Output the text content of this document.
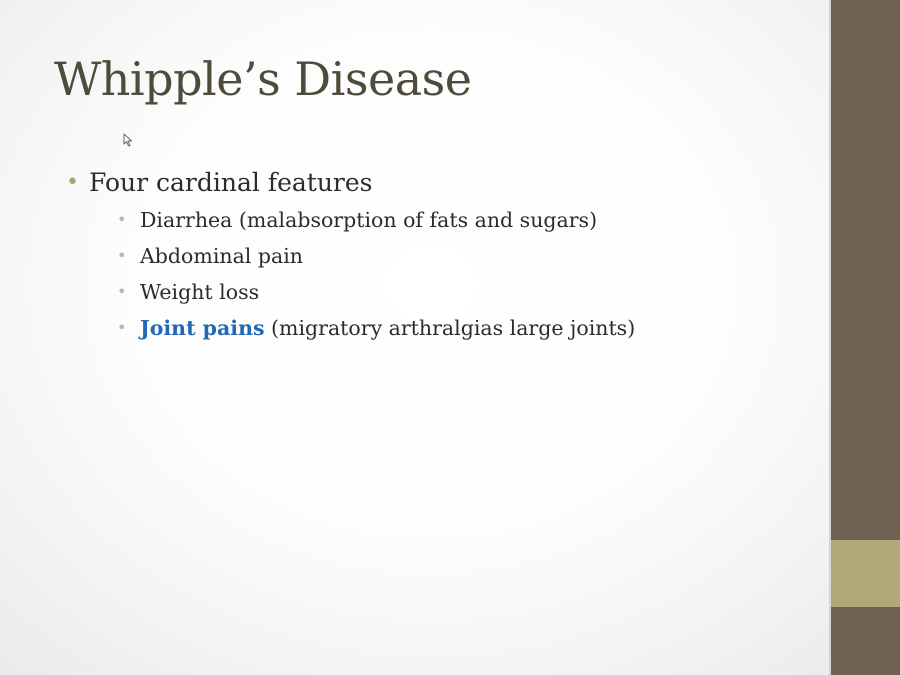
Whipple’s Disease
• Four cardinal features
• Diarrhea (malabsorption of fats and sugars)
• Abdominal pain
• Weight loss
• Joint pains (migratory arthralgias large joints)
